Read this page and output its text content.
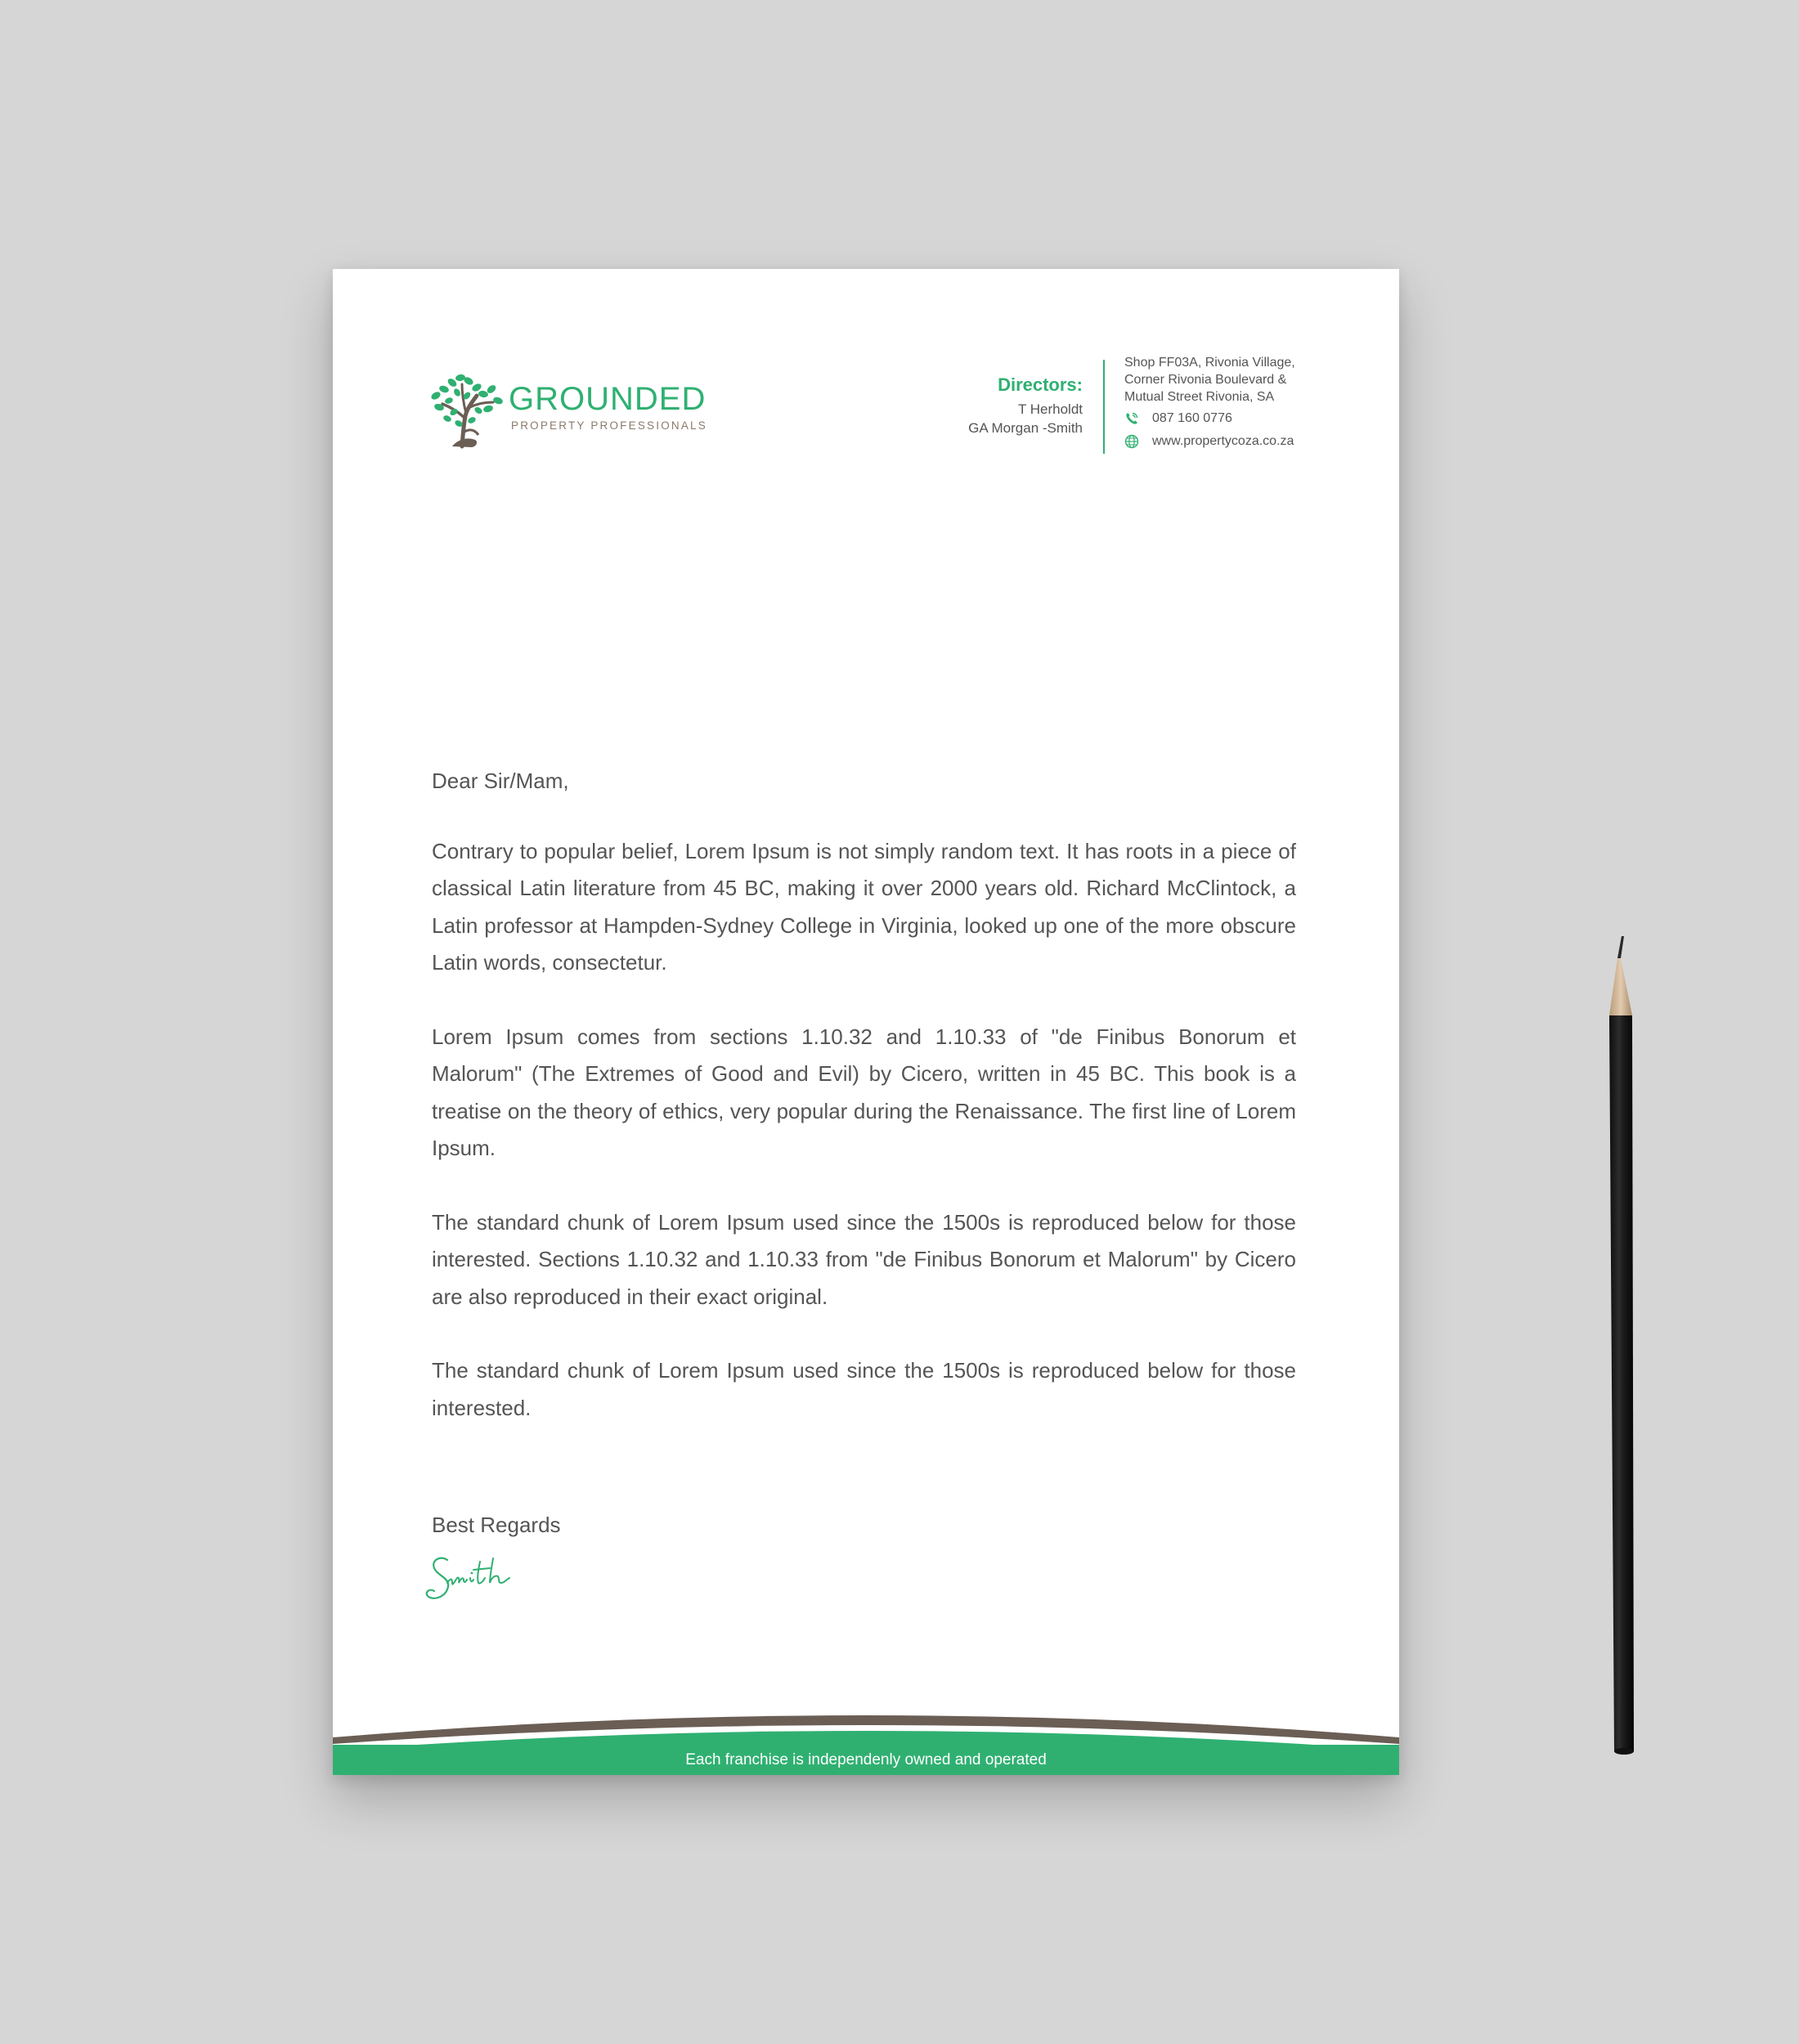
GROUNDED
PROPERTY PROFESSIONALS
Directors:
T Herholdt
GA Morgan -Smith
Shop FF03A, Rivonia Village,
Corner Rivonia Boulevard &
Mutual Street Rivonia, SA
087 160 0776
www.propertycoza.co.za

Dear Sir/Mam,

Contrary to popular belief, Lorem Ipsum is not simply random text. It has roots in a piece of classical Latin literature from 45 BC, making it over 2000 years old. Richard McClintock, a Latin professor at Hampden-Sydney College in Virginia, looked up one of the more obscure Latin words, consectetur.

Lorem Ipsum comes from sections 1.10.32 and 1.10.33 of "de Finibus Bonorum et Malorum" (The Extremes of Good and Evil) by Cicero, written in 45 BC. This book is a treatise on the theory of ethics, very popular during the Renaissance. The first line of Lorem Ipsum.

The standard chunk of Lorem Ipsum used since the 1500s is reproduced below for those interested. Sections 1.10.32 and 1.10.33 from "de Finibus Bonorum et Malorum" by Cicero are also reproduced in their exact original.

The standard chunk of Lorem Ipsum used since the 1500s is reproduced below for those interested.

Best Regards
Each franchise is independenly owned and operated
